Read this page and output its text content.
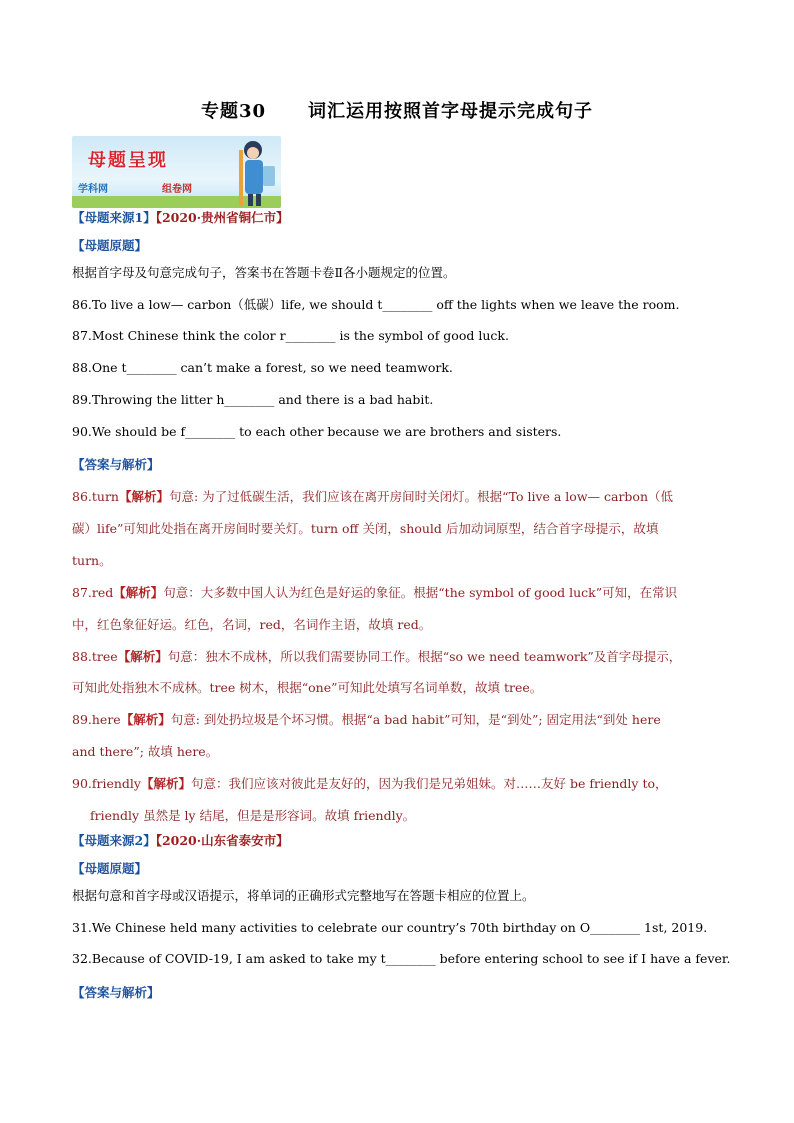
专题30 词汇运用按照首字母提示完成句子
母题呈现
学科网	组卷网
【母题来源1】【2020·贵州省铜仁市】
【母题原题】
根据首字母及句意完成句子，答案书在答题卡卷Ⅱ各小题规定的位置。
86.To live a low— carbon（低碳）life, we should t________ off the lights when we leave the room.
87.Most Chinese think the color r________ is the symbol of good luck.
88.One t________ can’t make a forest, so we need teamwork.
89.Throwing the litter h________ and there is a bad habit.
90.We should be f________ to each other because we are brothers and sisters.
【答案与解析】
86.turn【解析】句意: 为了过低碳生活，我们应该在离开房间时关闭灯。根据“To live a low— carbon（低
碳）life”可知此处指在离开房间时要关灯。turn off 关闭，should 后加动词原型，结合首字母提示，故填
turn。
87.red【解析】句意：大多数中国人认为红色是好运的象征。根据“the symbol of good luck”可知，在常识
中，红色象征好运。红色，名词，red，名词作主语，故填 red。
88.tree【解析】句意：独木不成林，所以我们需要协同工作。根据“so we need teamwork”及首字母提示，
可知此处指独木不成林。tree 树木，根据“one”可知此处填写名词单数，故填 tree。
89.here【解析】句意: 到处扔垃圾是个坏习惯。根据“a bad habit”可知，是“到处”; 固定用法“到处 here
and there”; 故填 here。
90.friendly【解析】句意：我们应该对彼此是友好的，因为我们是兄弟姐妹。对……友好 be friendly to，
friendly 虽然是 ly 结尾，但是是形容词。故填 friendly。
【母题来源2】【2020·山东省泰安市】
【母题原题】
根据句意和首字母或汉语提示，将单词的正确形式完整地写在答题卡相应的位置上。
31.We Chinese held many activities to celebrate our country’s 70th birthday on O________ 1st, 2019.
32.Because of COVID-19, I am asked to take my t________ before entering school to see if I have a fever.
【答案与解析】
